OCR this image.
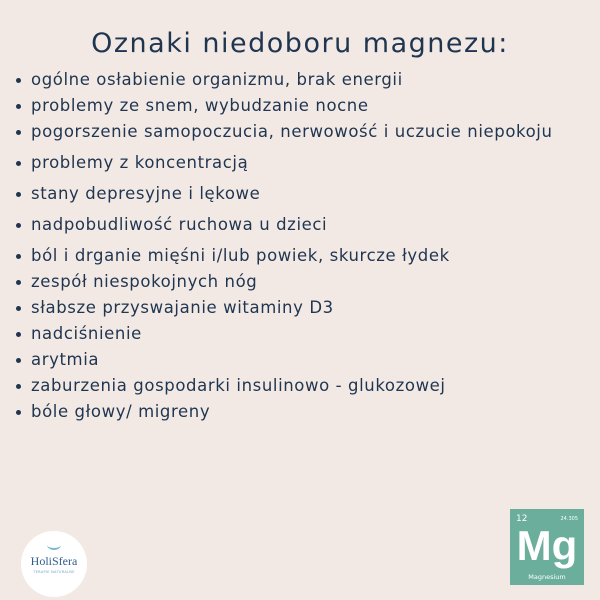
Oznaki niedoboru magnezu:
ogólne osłabienie organizmu, brak energii
problemy ze snem, wybudzanie nocne
pogorszenie samopoczucia, nerwowość i uczucie niepokoju
problemy z koncentracją
stany depresyjne i lękowe
nadpobudliwość ruchowa u dzieci
ból i drganie mięśni i/lub powiek, skurcze łydek
zespół niespokojnych nóg
słabsze przyswajanie witaminy D3
nadciśnienie
arytmia
zaburzenia gospodarki insulinowo - glukozowej
bóle głowy/ migreny
HoliSfera
TERAPIE NATURALNE
12	24.305
Mg
Magnesium
